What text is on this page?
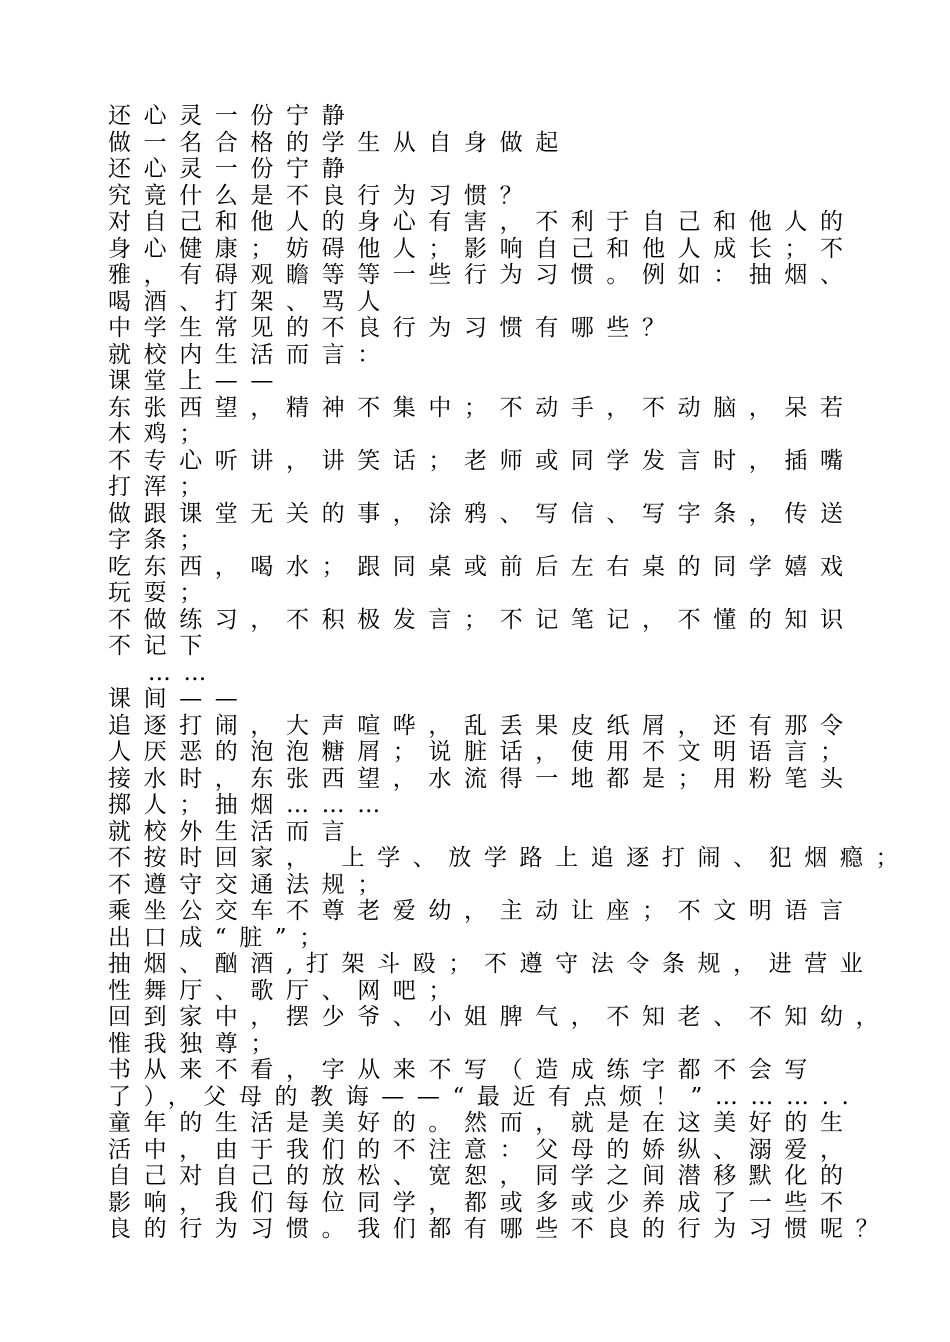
还心灵一份宁静
做一名合格的学生从自身做起
还心灵一份宁静
究竟什么是不良行为习惯？
对自己和他人的身心有害，不利于自己和他人的
身心健康；妨碍他人；影响自己和他人成长；不
雅，有碍观瞻等等一些行为习惯。例如：抽烟、
喝酒、打架、骂人
中学生常见的不良行为习惯有哪些？
就校内生活而言：
课堂上——
东张西望，精神不集中；不动手，不动脑，呆若
木鸡；
不专心听讲，讲笑话；老师或同学发言时，插嘴
打浑；
做跟课堂无关的事，涂鸦、写信、写字条，传送
字条；
吃东西，喝水；跟同桌或前后左右桌的同学嬉戏
玩耍；
不做练习，不积极发言；不记笔记，不懂的知识
不记下
……
课间——
追逐打闹，大声喧哗，乱丢果皮纸屑，还有那令
人厌恶的泡泡糖屑；说脏话，使用不文明语言；
接水时，东张西望，水流得一地都是；用粉笔头
掷人；抽烟………
就校外生活而言
不按时回家， 上学、放学路上追逐打闹、犯烟瘾；
不遵守交通法规；
乘坐公交车不尊老爱幼，主动让座；不文明语言
出口成“脏”；
抽烟、酗酒,打架斗殴；不遵守法令条规，进营业
性舞厅、歌厅、网吧；
回到家中，摆少爷、小姐脾气，不知老、不知幼，
惟我独尊；
书从来不看，字从来不写（造成练字都不会写
了），父母的教诲——“最近有点烦！”………..
童年的生活是美好的。然而，就是在这美好的生
活中，由于我们的不注意：父母的娇纵、溺爱，
自己对自己的放松、宽恕，同学之间潜移默化的
影响，我们每位同学，都或多或少养成了一些不
良的行为习惯。我们都有哪些不良的行为习惯呢？
